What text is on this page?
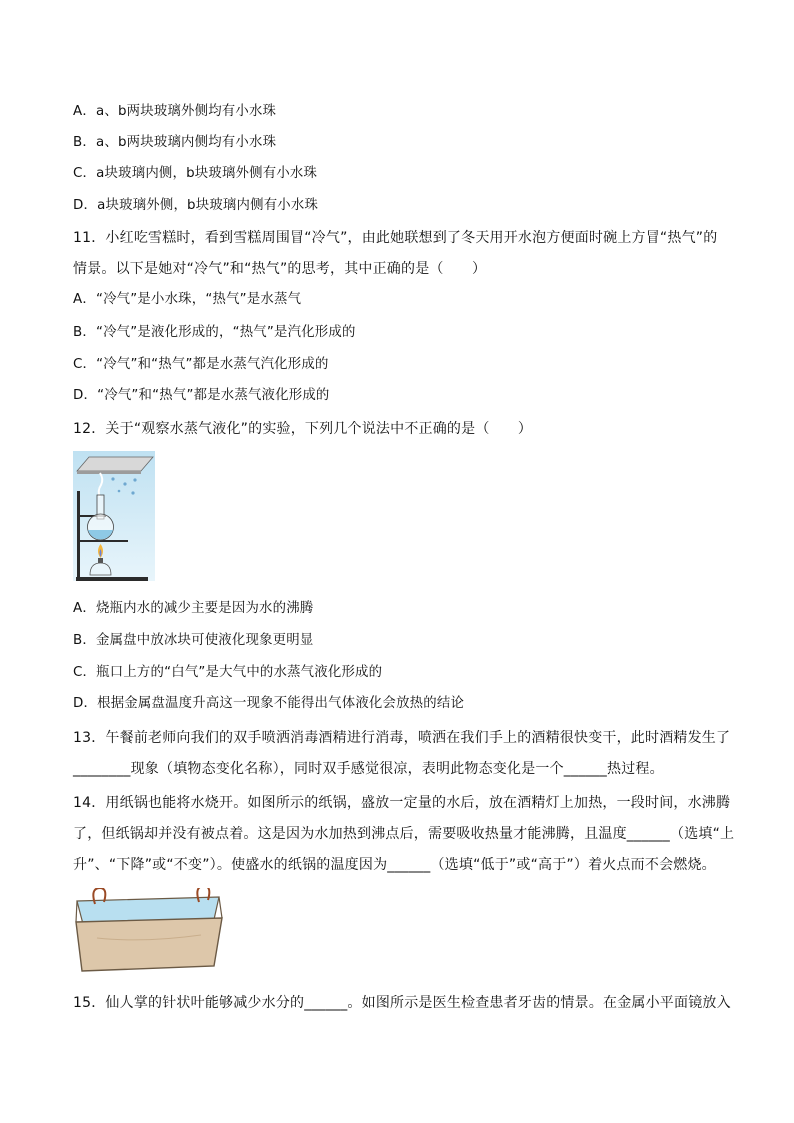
A．a、b两块玻璃外侧均有小水珠
B．a、b两块玻璃内侧均有小水珠
C．a块玻璃内侧，b块玻璃外侧有小水珠
D．a块玻璃外侧，b块玻璃内侧有小水珠
11．小红吃雪糕时，看到雪糕周围冒“冷气”，由此她联想到了冬天用开水泡方便面时碗上方冒“热气”的
情景。以下是她对“冷气”和“热气”的思考，其中正确的是（　　）
A．“冷气”是小水珠，“热气”是水蒸气
B．“冷气”是液化形成的，“热气”是汽化形成的
C．“冷气”和“热气”都是水蒸气汽化形成的
D．“冷气”和“热气”都是水蒸气液化形成的
12．关于“观察水蒸气液化”的实验，下列几个说法中不正确的是（　　）
A．烧瓶内水的减少主要是因为水的沸腾
B．金属盘中放冰块可使液化现象更明显
C．瓶口上方的“白气”是大气中的水蒸气液化形成的
D．根据金属盘温度升高这一现象不能得出气体液化会放热的结论
13．午餐前老师向我们的双手喷洒消毒酒精进行消毒，喷洒在我们手上的酒精很快变干，此时酒精发生了
________现象（填物态变化名称），同时双手感觉很凉，表明此物态变化是一个______热过程。
14．用纸锅也能将水烧开。如图所示的纸锅，盛放一定量的水后，放在酒精灯上加热，一段时间，水沸腾
了，但纸锅却并没有被点着。这是因为水加热到沸点后，需要吸收热量才能沸腾，且温度______（选填“上
升”、“下降”或“不变”）。使盛水的纸锅的温度因为______（选填“低于”或“高于”）着火点而不会燃烧。
15．仙人掌的针状叶能够减少水分的______。如图所示是医生检查患者牙齿的情景。在金属小平面镜放入
